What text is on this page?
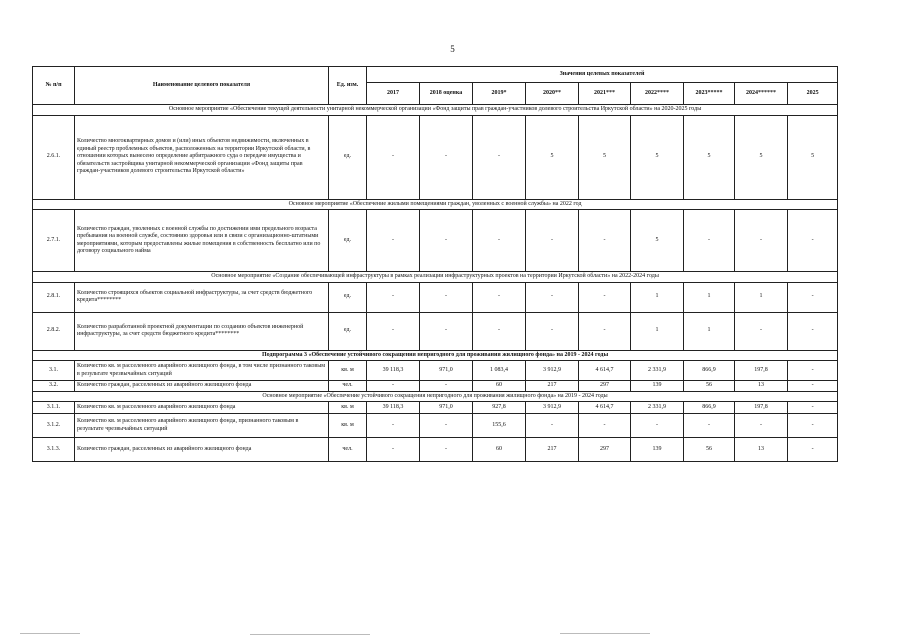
5
№ п/п	Наименование целевого показателя	Ед. изм.	Значения целевых показателей								
			2017	2018 оценка	2019*	2020**	2021***	2022****	2023*****	2024******	2025
Основное мероприятие «Обеспечение текущей деятельности унитарной некоммерческой организации «Фонд защиты прав граждан-участников долевого строительства Иркутской области» на 2020-2025 годы											
2.6.1.	Количество многоквартирных домов и (или) иных объектов недвижимости, включенных в единый реестр проблемных объектов, расположенных на территории Иркутской области, в отношении которых вынесено определение арбитражного суда о передаче имущества и обязательств застройщика унитарной некоммерческой организации «Фонд защиты прав граждан-участников долевого строительства Иркутской области»	ед.	-	-	-	5	5	5	5	5	5
Основное мероприятие «Обеспечение жилыми помещениями граждан, уволенных с военной службы» на 2022 год											
2.7.1.	Количество граждан, уволенных с военной службы по достижении ими предельного возраста пребывания на военной службе, состоянию здоровья или в связи с организационно-штатными мероприятиями, которым предоставлены жилые помещения в собственность бесплатно или по договору социального найма	ед.	-	-	-	-	-	5	-	-	-
Основное мероприятие «Создание обеспечивающей инфраструктуры в рамках реализации инфраструктурных проектов на территории Иркутской области» на 2022-2024 годы											
2.8.1.	Количество строящихся объектов социальной инфраструктуры, за счет средств бюджетного кредита********	ед.	-	-	-	-	-	1	1	1	-
2.8.2.	Количество разработанной проектной документации по созданию объектов инженерной инфраструктуры, за счет средств бюджетного кредита********	ед.	-	-	-	-	-	1	1	-	-
Подпрограмма 3 «Обеспечение устойчивого сокращения непригодного для проживания жилищного фонда» на 2019 - 2024 годы											
3.1.	Количество кв. м расселенного аварийного жилищного фонда, в том числе признанного таковым в результате чрезвычайных ситуаций	кв. м	39 118,3	971,0	1 083,4	3 912,9	4 614,7	2 331,9	866,9	197,8	-
3.2.	Количество граждан, расселенных из аварийного жилищного фонда	чел.	-	-	60	217	297	139	56	13	-
Основное мероприятие «Обеспечение устойчивого сокращения непригодного для проживания жилищного фонда» на 2019 - 2024 годы											
3.1.1.	Количество кв. м расселенного аварийного жилищного фонда	кв. м	39 118,3	971,0	927,8	3 912,9	4 614,7	2 331,9	866,9	197,8	-
3.1.2.	Количество кв. м расселенного аварийного жилищного фонда, признанного таковым в результате чрезвычайных ситуаций	кв. м	-	-	155,6	-	-	-	-	-	-
3.1.3.	Количество граждан, расселенных из аварийного жилищного фонда	чел.	-	-	60	217	297	139	56	13	-
